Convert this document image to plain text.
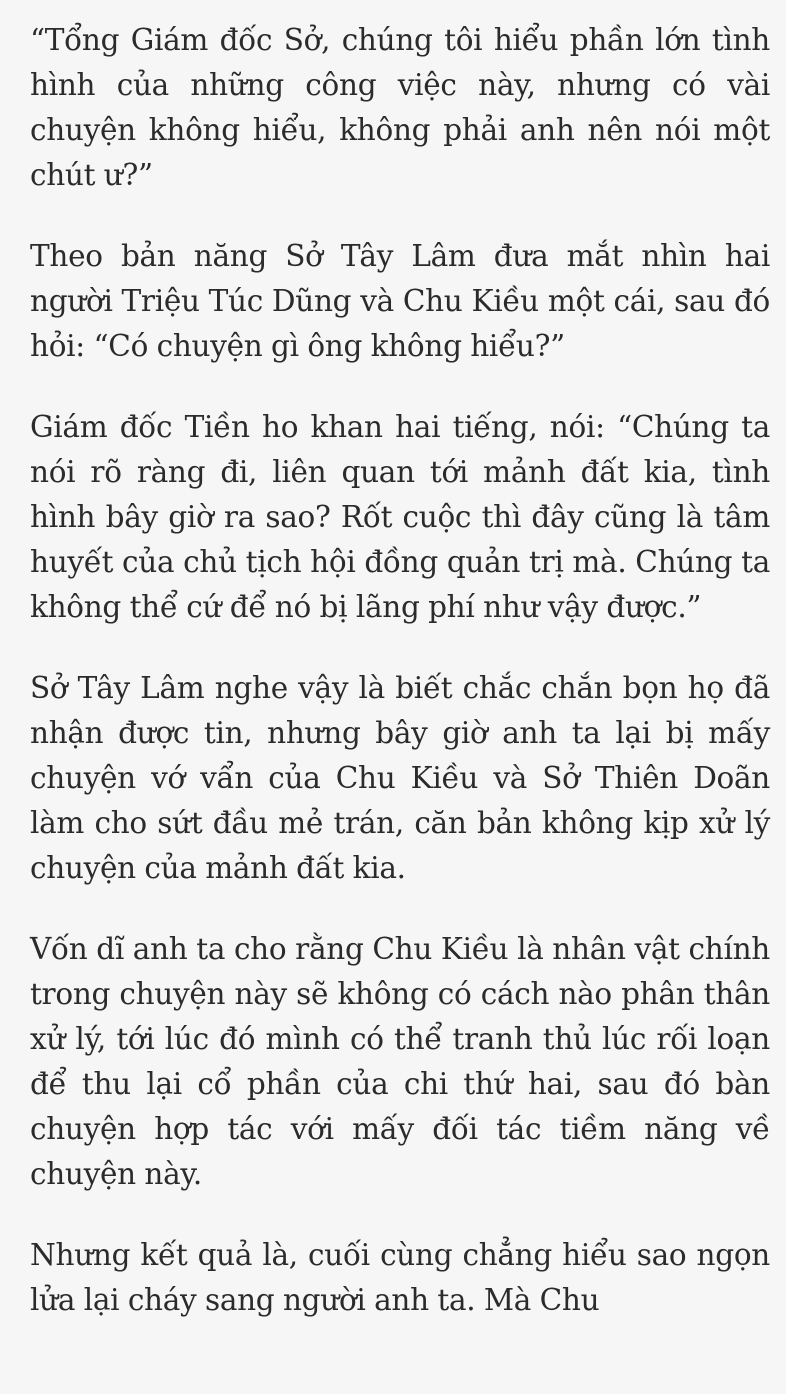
“Tổng Giám đốc Sở, chúng tôi hiểu phần lớn tình hình của những công việc này, nhưng có vài chuyện không hiểu, không phải anh nên nói một chút ư?”

Theo bản năng Sở Tây Lâm đưa mắt nhìn hai người Triệu Túc Dũng và Chu Kiều một cái, sau đó hỏi: “Có chuyện gì ông không hiểu?”

Giám đốc Tiền ho khan hai tiếng, nói: “Chúng ta nói rõ ràng đi, liên quan tới mảnh đất kia, tình hình bây giờ ra sao? Rốt cuộc thì đây cũng là tâm huyết của chủ tịch hội đồng quản trị mà. Chúng ta không thể cứ để nó bị lãng phí như vậy được.”

Sở Tây Lâm nghe vậy là biết chắc chắn bọn họ đã nhận được tin, nhưng bây giờ anh ta lại bị mấy chuyện vớ vẩn của Chu Kiều và Sở Thiên Doãn làm cho sứt đầu mẻ trán, căn bản không kịp xử lý chuyện của mảnh đất kia.

Vốn dĩ anh ta cho rằng Chu Kiều là nhân vật chính trong chuyện này sẽ không có cách nào phân thân xử lý, tới lúc đó mình có thể tranh thủ lúc rối loạn để thu lại cổ phần của chi thứ hai, sau đó bàn chuyện hợp tác với mấy đối tác tiềm năng về chuyện này.

Nhưng kết quả là, cuối cùng chẳng hiểu sao ngọn lửa lại cháy sang người anh ta. Mà Chu
